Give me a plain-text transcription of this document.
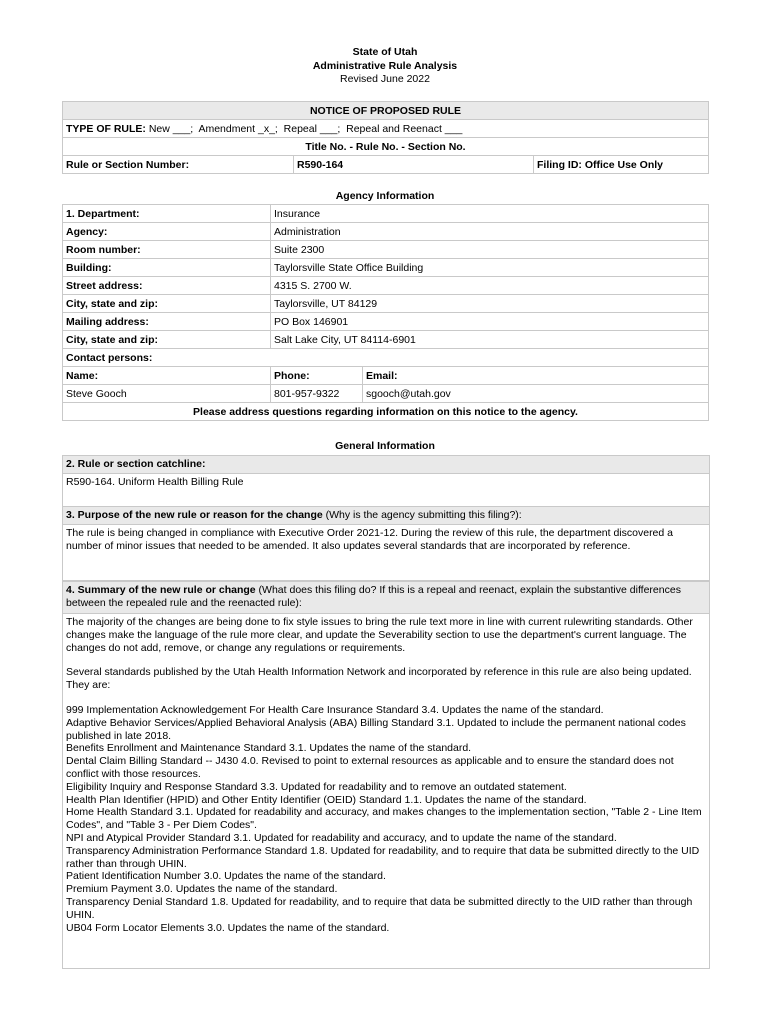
State of Utah
Administrative Rule Analysis
Revised June 2022
NOTICE OF PROPOSED RULE
TYPE OF RULE: New ___;  Amendment _x_;  Repeal ___;  Repeal and Reenact ___
Title No. - Rule No. - Section No.
Rule or Section Number:	R590-164	Filing ID: Office Use Only
Agency Information
1. Department:	Insurance	
Agency:	Administration	
Room number:	Suite 2300	
Building:	Taylorsville State Office Building	
Street address:	4315 S. 2700 W.	
City, state and zip:	Taylorsville, UT 84129	
Mailing address:	PO Box 146901	
City, state and zip:	Salt Lake City, UT 84114-6901	
Contact persons:		
Name:	Phone:	Email:
Steve Gooch	801-957-9322	sgooch@utah.gov
Please address questions regarding information on this notice to the agency.		
General Information
2. Rule or section catchline:
R590-164. Uniform Health Billing Rule
3. Purpose of the new rule or reason for the change (Why is the agency submitting this filing?):
The rule is being changed in compliance with Executive Order 2021-12. During the review of this rule, the department discovered a number of minor issues that needed to be amended. It also updates several standards that are incorporated by reference.
4. Summary of the new rule or change (What does this filing do? If this is a repeal and reenact, explain the substantive differences between the repealed rule and the reenacted rule):

The majority of the changes are being done to fix style issues to bring the rule text more in line with current rulewriting standards. Other changes make the language of the rule more clear, and update the Severability section to use the department's current language. The changes do not add, remove, or change any regulations or requirements.

Several standards published by the Utah Health Information Network and incorporated by reference in this rule are also being updated. They are:

999 Implementation Acknowledgement For Health Care Insurance Standard 3.4. Updates the name of the standard.
Adaptive Behavior Services/Applied Behavioral Analysis (ABA) Billing Standard 3.1. Updated to include the permanent national codes published in late 2018.
Benefits Enrollment and Maintenance Standard 3.1. Updates the name of the standard.
Dental Claim Billing Standard -- J430 4.0. Revised to point to external resources as applicable and to ensure the standard does not conflict with those resources.
Eligibility Inquiry and Response Standard 3.3. Updated for readability and to remove an outdated statement.
Health Plan Identifier (HPID) and Other Entity Identifier (OEID) Standard 1.1. Updates the name of the standard.
Home Health Standard 3.1. Updated for readability and accuracy, and makes changes to the implementation section, "Table 2 - Line Item Codes", and "Table 3 - Per Diem Codes".
NPI and Atypical Provider Standard 3.1. Updated for readability and accuracy, and to update the name of the standard.
Transparency Administration Performance Standard 1.8. Updated for readability, and to require that data be submitted directly to the UID rather than through UHIN.
Patient Identification Number 3.0. Updates the name of the standard.
Premium Payment 3.0. Updates the name of the standard.
Transparency Denial Standard 1.8. Updated for readability, and to require that data be submitted directly to the UID rather than through UHIN.
UB04 Form Locator Elements 3.0. Updates the name of the standard.
